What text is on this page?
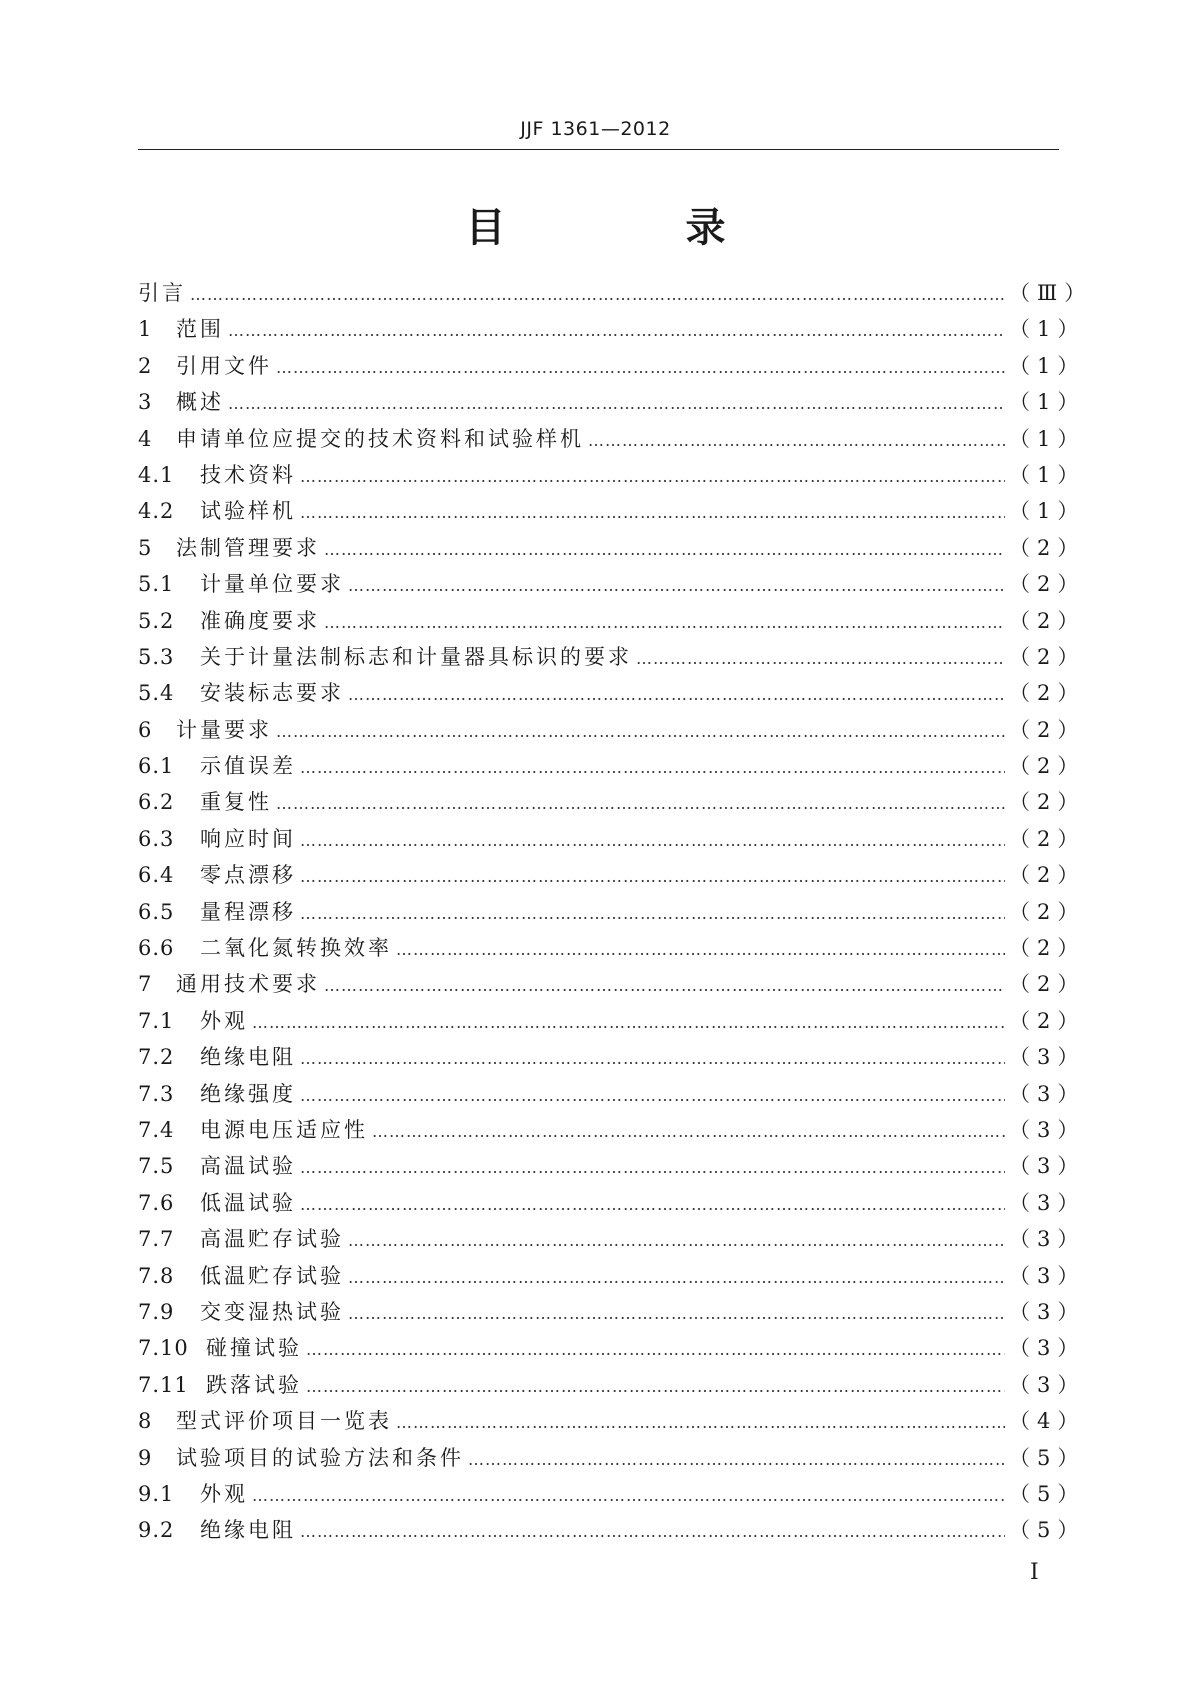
JJF 1361—2012
目　录
引言 ……………………………………………………………………………………………………………………………………………………………………………………………………	（Ⅲ）
1	范围 ……………………………………………………………………………………………………………………………………………………………………………………………………	（1）
2	引用文件 ……………………………………………………………………………………………………………………………………………………………………………………………………	（1）
3	概述 ……………………………………………………………………………………………………………………………………………………………………………………………………	（1）
4	申请单位应提交的技术资料和试验样机 ……………………………………………………………………………………………………………………………………………………………………………………………………	（1）
4.1	技术资料 ……………………………………………………………………………………………………………………………………………………………………………………………………	（1）
4.2	试验样机 ……………………………………………………………………………………………………………………………………………………………………………………………………	（1）
5	法制管理要求 ……………………………………………………………………………………………………………………………………………………………………………………………………	（2）
5.1	计量单位要求 ……………………………………………………………………………………………………………………………………………………………………………………………………	（2）
5.2	准确度要求 ……………………………………………………………………………………………………………………………………………………………………………………………………	（2）
5.3	关于计量法制标志和计量器具标识的要求 ……………………………………………………………………………………………………………………………………………………………………………………………………	（2）
5.4	安装标志要求 ……………………………………………………………………………………………………………………………………………………………………………………………………	（2）
6	计量要求 ……………………………………………………………………………………………………………………………………………………………………………………………………	（2）
6.1	示值误差 ……………………………………………………………………………………………………………………………………………………………………………………………………	（2）
6.2	重复性 ……………………………………………………………………………………………………………………………………………………………………………………………………	（2）
6.3	响应时间 ……………………………………………………………………………………………………………………………………………………………………………………………………	（2）
6.4	零点漂移 ……………………………………………………………………………………………………………………………………………………………………………………………………	（2）
6.5	量程漂移 ……………………………………………………………………………………………………………………………………………………………………………………………………	（2）
6.6	二氧化氮转换效率 ……………………………………………………………………………………………………………………………………………………………………………………………………	（2）
7	通用技术要求 ……………………………………………………………………………………………………………………………………………………………………………………………………	（2）
7.1	外观 ……………………………………………………………………………………………………………………………………………………………………………………………………	（2）
7.2	绝缘电阻 ……………………………………………………………………………………………………………………………………………………………………………………………………	（3）
7.3	绝缘强度 ……………………………………………………………………………………………………………………………………………………………………………………………………	（3）
7.4	电源电压适应性 ……………………………………………………………………………………………………………………………………………………………………………………………………	（3）
7.5	高温试验 ……………………………………………………………………………………………………………………………………………………………………………………………………	（3）
7.6	低温试验 ……………………………………………………………………………………………………………………………………………………………………………………………………	（3）
7.7	高温贮存试验 ……………………………………………………………………………………………………………………………………………………………………………………………………	（3）
7.8	低温贮存试验 ……………………………………………………………………………………………………………………………………………………………………………………………………	（3）
7.9	交变湿热试验 ……………………………………………………………………………………………………………………………………………………………………………………………………	（3）
7.10 碰撞试验 ……………………………………………………………………………………………………………………………………………………………………………………………………	（3）
7.11 跌落试验 ……………………………………………………………………………………………………………………………………………………………………………………………………	（3）
8	型式评价项目一览表 ……………………………………………………………………………………………………………………………………………………………………………………………………	（4）
9	试验项目的试验方法和条件 ……………………………………………………………………………………………………………………………………………………………………………………………………	（5）
9.1	外观 ……………………………………………………………………………………………………………………………………………………………………………………………………	（5）
9.2	绝缘电阻 ……………………………………………………………………………………………………………………………………………………………………………………………………	（5）
Ⅰ
